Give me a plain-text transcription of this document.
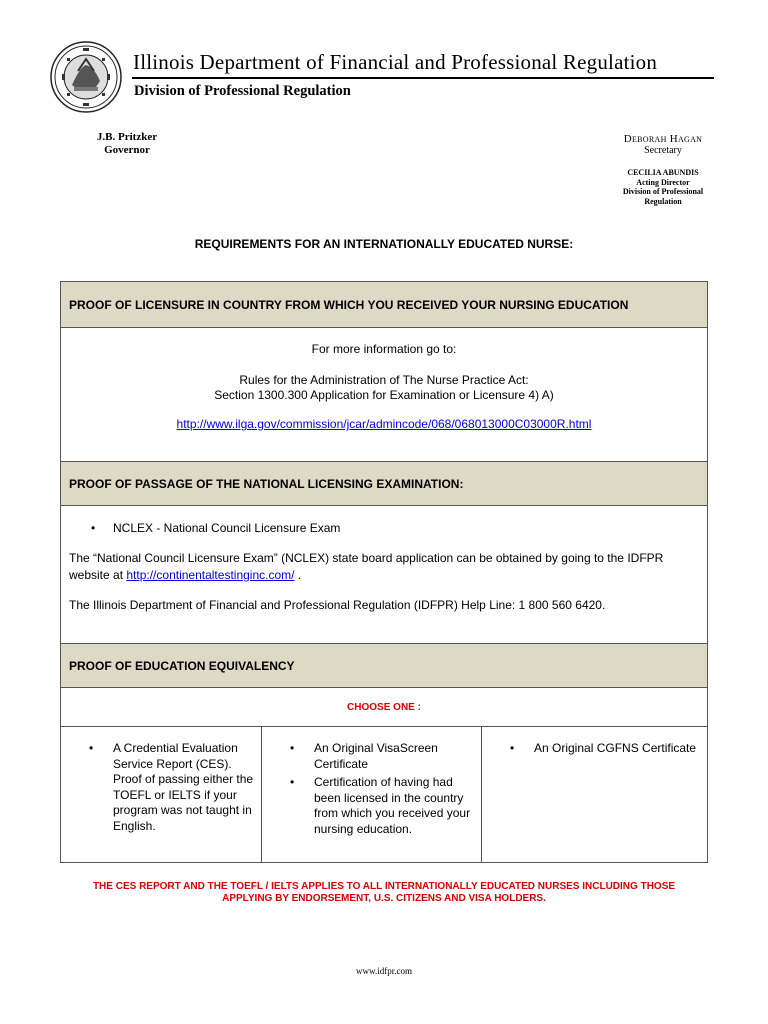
Illinois Department of Financial and Professional Regulation
Division of Professional Regulation
J.B. Pritzker
Governor
Deborah Hagan
Secretary
CECILIA ABUNDIS
Acting Director
Division of Professional
Regulation
REQUIREMENTS FOR AN INTERNATIONALLY EDUCATED NURSE:
PROOF OF LICENSURE IN COUNTRY FROM WHICH YOU RECEIVED YOUR NURSING EDUCATION
For more information go to:
Rules for the Administration of The Nurse Practice Act:
Section 1300.300 Application for Examination or Licensure 4) A)
http://www.ilga.gov/commission/jcar/admincode/068/068013000C03000R.html
PROOF OF PASSAGE OF THE NATIONAL LICENSING EXAMINATION:
• NCLEX - National Council Licensure Exam
The “National Council Licensure Exam” (NCLEX) state board application can be obtained by going to the IDFPR
website at http://continentaltestinginc.com/ .
The Illinois Department of Financial and Professional Regulation (IDFPR) Help Line: 1 800 560 6420.
PROOF OF EDUCATION EQUIVALENCY
CHOOSE ONE :
• A Credential Evaluation Service Report (CES). Proof of passing either the TOEFL or IELTS if your program was not taught in English.
• An Original VisaScreen Certificate
• Certification of having had been licensed in the country from which you received your nursing education.
• An Original CGFNS Certificate
THE CES REPORT AND THE TOEFL / IELTS APPLIES TO ALL INTERNATIONALLY EDUCATED NURSES INCLUDING THOSE
APPLYING BY ENDORSEMENT, U.S. CITIZENS AND VISA HOLDERS.
www.idfpr.com
